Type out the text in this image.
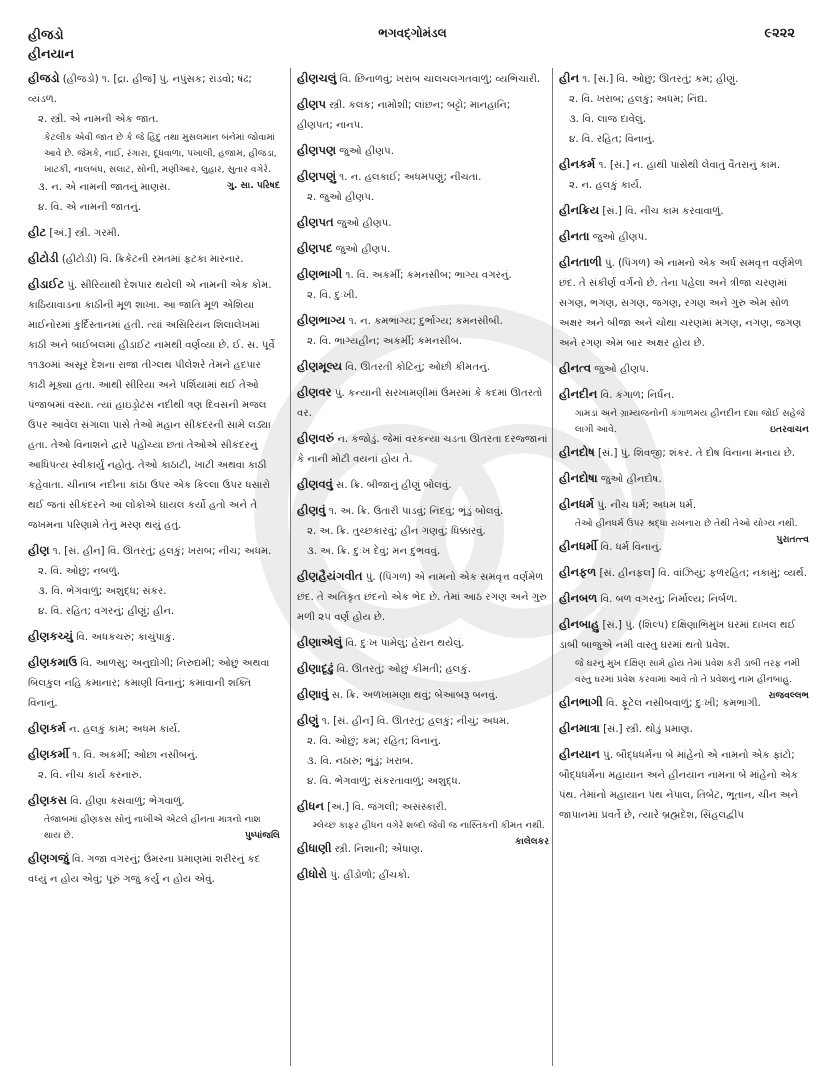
હીજડો
હીનયાન
ભગવદ્ગોમંડલ	૯૨૨૨
હીજડો (હીજડો) ૧. [દ્રા. હીજ] પું. નપુંસક; રાંડવો; ષંઢ; વ્યંડળ.
૨. સ્ત્રી. એ નામની એક જાત.
કેટલીક એવી જાત છે કે જે હિંદુ તથા મુસલમાન બંનેમાં જોવામાં આવે છે. જેમકે, નાઈ, રંગારા, દૂધવાળા, પખાલી, હજામ, હીજડા, ખાટકી, નાલબંધ, સલાટ, સોની, મણીઆર, લુહાર, સુતાર વગેરે.
ગુ. સા. પરિષદ
૩. ન. એ નામની જાતનું માણસ.
૪. વિ. એ નામની જાતનું.
હીટ [અં.] સ્ત્રી. ગરમી.
હીટોડી (હીટોડી) વિ. ક્રિકેટની રમતમાં ફટકા મારનાર.
હીડાઈટ પું. સીરિયાથી દેશપાર થયેલી એ નામની એક કોમ. કાઠિયાવાડના કાઠીની મૂળ શાખા. આ જાતિ મૂળ એશિયા માઈનોરમાં કુર્દિસ્તાનમાં હતી. ત્યાં અસિરિયન શિલાલેખમાં કાઠી અને બાઈબલમાં હીડાઈટ નામથી વર્ણવ્યા છે. ઈ. સ. પૂર્વે ૧૧૩૦માં અસૂર દેશના રાજા તીગ્લથ પીલેશરે તેમને હદપાર કાઢી મૂક્યા હતા. આથી સીરિયા અને પર્શિયામાં થઈ તેઓ પંજાબમાં વસ્યા. ત્યાં હાઇડ્રોટસ નદીથી ત્રણ દિવસની મજલ ઉપર આવેલ સંગાલા પાસે તેઓ મહાન સીકંદરની સામે લડ્યા હતા. તેઓ વિનાશને દ્વારે પહોંચ્યા છતાં તેઓએ સીકંદરનું આધિપત્ય સ્વીકાર્યું નહોતું. તેઓ કાઠાટી, ખાટી અથવા કાઠી કહેવાતા. ચીનાબ નદીના કાંઠા ઉપર એક કિલ્લા ઉપર ધસારો થઈ જતાં સીકંદરને આ લોકોએ ઘાયલ કર્યો હતો અને તે જખમના પરિણામે તેનું મરણ થયું હતું.
હીણ ૧. [સં. હીન] વિ. ઊતરતું; હલકું; ખરાબ; નીચ; અધમ.
૨. વિ. ઓછું; નબળું.
૩. વિ. ભેગવાળું; અશુદ્ધ; સંકર.
૪. વિ. રહિત; વગરનું; હીણું; હીન.
હીણકચ્ચું વિ. અધકચરું; કાચુંપાકું.
હીણકમાઉ વિ. આળસુ; અનુદ્યોગી; નિરુદ્યમી; ઓછું અથવા બિલકુલ નહિ કમાનાર; કમાણી વિનાનું; કમાવાની શક્તિ વિનાનું.
હીણકર્મ ન. હલકું કામ; અધમ કાર્ય.
હીણકર્મી ૧. વિ. અકર્મી; ઓછા નસીબનું.
૨. વિ. નીચ કાર્ય કરનારું.
હીણકસ વિ. હીણા કસવાળું; ભેગવાળું.
તેજાબમાં હીણકસ સોનું નાખીએ એટલે હીનતા માત્રનો નાશ થાય છે.	પુષ્પાંજલિ
હીણગજું વિ. ગજા વગરનું; ઉંમરના પ્રમાણમાં શરીરનું કદ વધ્યું ન હોય એવું; પૂરું ગજું કર્યું ન હોય એવું.
હીણચલું વિ. છિનાળવું; ખરાબ ચાલચલગતવાળું; વ્યભિચારી.
હીણપ સ્ત્રી. કલંક; નામોશી; લાંછન; બટ્ટો; માનહાનિ; હીણપત; નાનપ.
હીણપણ જુઓ હીણપ.
હીણપણું ૧. ન. હલકાઈ; અધમપણું; નીચતા.
૨. જુઓ હીણપ.
હીણપત જુઓ હીણપ.
હીણપદ જુઓ હીણપ.
હીણભાગી ૧. વિ. અકર્મી; કમનસીબ; ભાગ્ય વગરનું.
૨. વિ. દુઃખી.
હીણભાગ્ય ૧. ન. કમભાગ્ય; દુર્ભાગ્ય; કમનસીબી.
૨. વિ. ભાગ્યહીન; અકર્મી; કમનસીબ.
હીણમૂલ્ય વિ. ઊતરતી કોટિનું; ઓછી કીમતનું.
હીણવર પું. કન્યાની સરખામણીમાં ઉંમરમાં કે કદમાં ઊતરતો વર.
હીણવરું ન. કજોડું. જેમાં વરકન્યા ચડતા ઊતરતા દરજ્જાનાં કે નાની મોટી વયનાં હોય તે.
હીણવવું સ. ક્રિ. બીજાનું હીણું બોલવું.
હીણવું ૧. અ. ક્રિ. ઉતારી પાડવું; નિંદવું; ભૂંડું બોલવું.
૨. અ. ક્રિ. તુચ્છકારવું; હીન ગણવું; ધિક્કારવું.
૩. અ. ક્રિ. દુઃખ દેવું; મન દુભવવું.
હીણહૈયંગવીત પું. (પિંગળ) એ નામનો એક સમવૃત્ત વર્ણમેળ છંદ. તે અતિકૃત છંદનો એક ભેદ છે. તેમાં આઠ રગણ અને ગુરુ મળી ૨૫ વર્ણ હોય છે.
હીણાએલું વિ. દુઃખ પામેલું; હેરાન થયેલું.
હીણાદૃઢું વિ. ઊતરતું; ઓછું કીમતી; હલકું.
હીણાવું સ. ક્રિ. અળખામણા થવું; બેઆબરૂ બનવું.
હીણું ૧. [સં. હીન] વિ. ઊતરતું; હલકું; નીચું; અધમ.
૨. વિ. ઓછું; કમ; રહિત; વિનાનું.
૩. વિ. નઠારું; ભૂંડું; ખરાબ.
૪. વિ. ભેગવાળું; સંકરતાવાળું; અશુદ્ધ.
હીધન [અં.] વિ. જંગલી; અસંસ્કારી.
મ્લેચ્છ કાફર હીધન વગેરે શબ્દો જેવી જ નાસ્તિકની કીમત નથી.
કાલેલકર
હીધાણી સ્ત્રી. નિશાની; એંધાણ.
હીધોરો પું. હીંડોળો; હીંચકો.
હીન ૧. [સં.] વિ. ઓછું; ઊતરતું; કમ; હીણું.
૨. વિ. ખરાબ; હલકું; અધમ; નિંદ્ય.
૩. વિ. લાજ દાવેલું.
૪. વિ. રહિત; વિનાનું.
હીનકર્મ ૧. [સં.] ન. હાથી પાસેથી લેવાતું વૈતરાનું કામ.
૨. ન. હલકું કાર્ય.
હીનક્રિય [સં.] વિ. નીચ કામ કરવાવાળું.
હીનતા જુઓ હીણપ.
હીનતાળી પું. (પિંગળ) એ નામનો એક અર્ધ સમવૃત્ત વર્ણમેળ છંદ. તે સંકીર્ણ વર્ગનો છે. તેના પહેલા અને ત્રીજા ચરણમાં સગણ, ભગણ, સગણ, જગણ, રગણ અને ગુરુ એમ સોળ અક્ષર અને બીજા અને ચોથા ચરણમાં મગણ, નગણ, જગણ અને રગણ એમ બાર અક્ષર હોય છે.
હીનત્વ જુઓ હીણપ.
હીનદીન વિ. કંગાળ; નિર્ધન.
ગામડાં અને ગ્રામ્યજનોની કંગાળમય હીનદીન દશા જોઈ સહેજે લાગી આવે.	ઇતરવાચન
હીનદોષ [સં.] પું. શિવજી; શંકર. તે દોષ વિનાના મનાય છે.
હીનદોષા જુઓ હીનદોષ.
હીનધર્મ પું. નીચ ધર્મ; અધમ ધર્મ.
તેઓ હીનધર્મ ઉપર શ્રદ્ધા રાખનારા છે તેથી તેઓ યોગ્ય નથી.
પુરાતત્ત્વ
હીનધર્મી વિ. ધર્મ વિનાનું.
હીનફળ [સં. હીનફલ] વિ. વાંઝિયું; ફળરહિત; નકામું; વ્યર્થ.
હીનબળ વિ. બળ વગરનું; નિર્માલ્ય; નિર્બળ.
હીનબાહુ [સં.] પું. (શિલ્પ) દક્ષિણાભિમુખ ઘરમાં દાખલ થઈ ડાબી બાજુએ નમી વાસ્તુ ઘરમાં થતો પ્રવેશ.
જે ઘરનું મુખ દક્ષિણ સામે હોય તેમાં પ્રવેશ કરી ડાબી તરફ નમી વસ્તુ ઘરમાં પ્રવેશ કરવામાં આવે તો તે પ્રવેશનું નામ હીનબાહુ.
રાજવલ્લભ
હીનભાગી વિ. ફૂટેલ નસીબવાળું; દુઃખી; કમભાગી.
હીનમાત્રા [સં.] સ્ત્રી. થોડું પ્રમાણ.
હીનયાન પું. બૌદ્ધધર્મના બે માંહેનો એ નામનો એક ફાંટો; બૌદ્ધધર્મના મહાયાન અને હીનયાન નામના બે માંહેનો એક પંથ. તેમાંનો મહાયાન પંથ નેપાલ, તિબેટ, ભૂતાન, ચીન અને જાપાનમાં પ્રવર્તે છે, ત્યારે બ્રહ્મદેશ, સિંહલદ્વીપ
